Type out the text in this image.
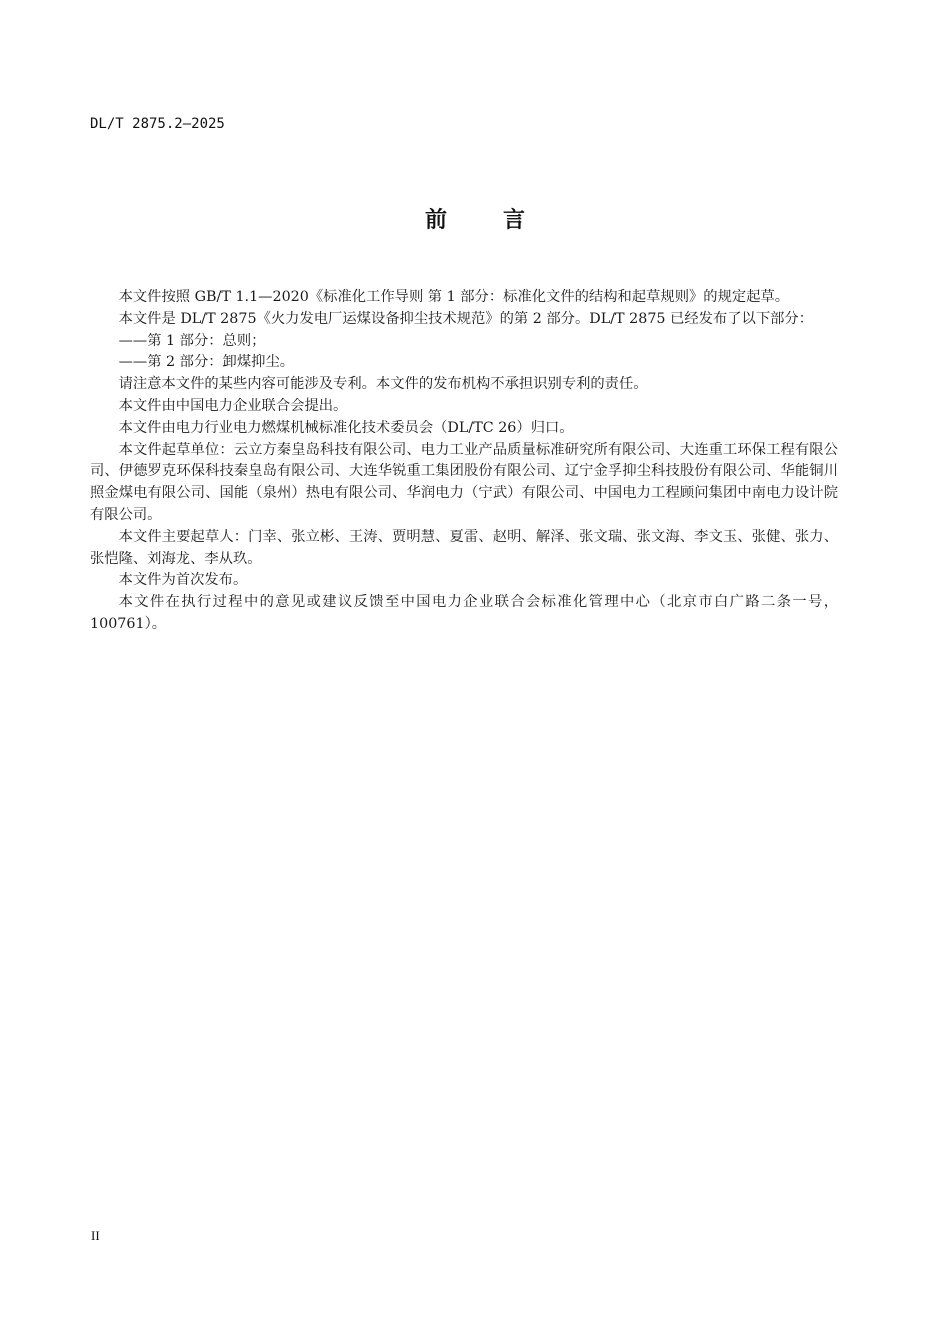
DL/T 2875.2—2025
前	言

本文件按照 GB/T 1.1—2020《标准化工作导则 第 1 部分：标准化文件的结构和起草规则》的规定起草。

本文件是 DL/T 2875《火力发电厂运煤设备抑尘技术规范》的第 2 部分。DL/T 2875 已经发布了以下部分：

——第 1 部分：总则；

——第 2 部分：卸煤抑尘。

请注意本文件的某些内容可能涉及专利。本文件的发布机构不承担识别专利的责任。

本文件由中国电力企业联合会提出。

本文件由电力行业电力燃煤机械标准化技术委员会（DL/TC 26）归口。

本文件起草单位：云立方秦皇岛科技有限公司、电力工业产品质量标准研究所有限公司、大连重工环保工程有限公司、伊德罗克环保科技秦皇岛有限公司、大连华锐重工集团股份有限公司、辽宁金孚抑尘科技股份有限公司、华能铜川照金煤电有限公司、国能（泉州）热电有限公司、华润电力（宁武）有限公司、中国电力工程顾问集团中南电力设计院有限公司。

本文件主要起草人：门幸、张立彬、王涛、贾明慧、夏雷、赵明、解泽、张文瑞、张文海、李文玉、张健、张力、张恺隆、刘海龙、李从玖。

本文件为首次发布。

本文件在执行过程中的意见或建议反馈至中国电力企业联合会标准化管理中心（北京市白广路二条一号，100761）。

II
